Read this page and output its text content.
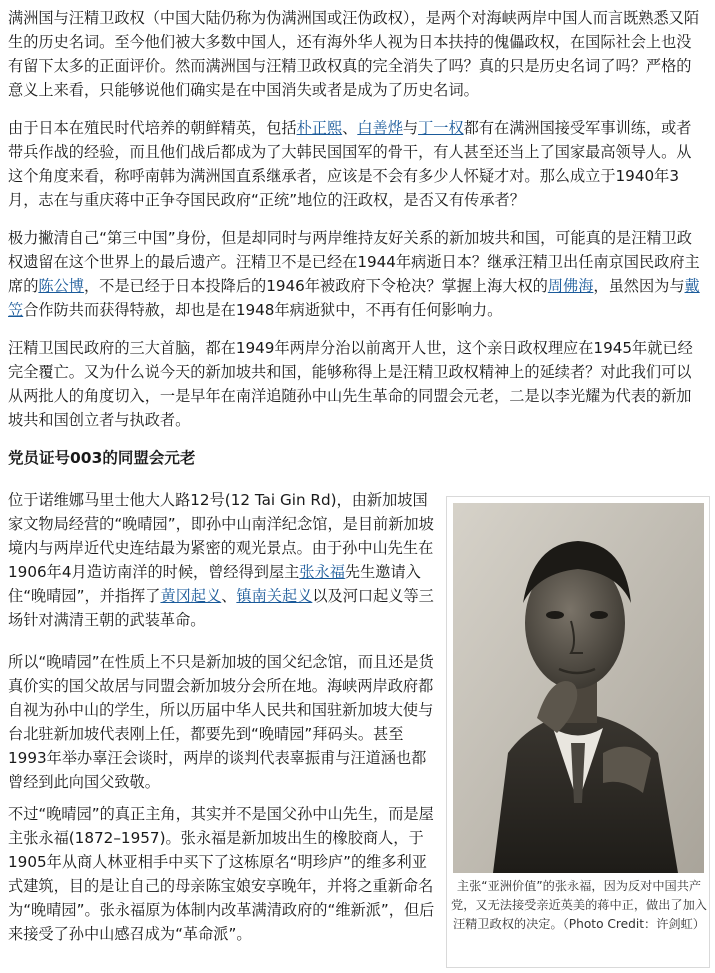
满洲国与汪精卫政权（中国大陆仍称为伪满洲国或汪伪政权），是两个对海峡两岸中国人而言既熟悉又陌生的历史名词。至今他们被大多数中国人，还有海外华人视为日本扶持的傀儡政权，在国际社会上也没有留下太多的正面评价。然而满洲国与汪精卫政权真的完全消失了吗？真的只是历史名词了吗？严格的意义上来看，只能够说他们确实是在中国消失或者是成为了历史名词。

由于日本在殖民时代培养的朝鲜精英，包括朴正熙、白善烨与丁一权都有在满洲国接受军事训练，或者带兵作战的经验，而且他们战后都成为了大韩民国国军的骨干，有人甚至还当上了国家最高领导人。从这个角度来看，称呼南韩为满洲国直系继承者，应该是不会有多少人怀疑才对。那么成立于1940年3月，志在与重庆蒋中正争夺国民政府“正统”地位的汪政权，是否又有传承者？

极力撇清自己“第三中国”身份，但是却同时与两岸维持友好关系的新加坡共和国，可能真的是汪精卫政权遗留在这个世界上的最后遗产。汪精卫不是已经在1944年病逝日本？继承汪精卫出任南京国民政府主席的陈公博，不是已经于日本投降后的1946年被政府下令枪决？掌握上海大权的周佛海，虽然因为与戴笠合作防共而获得特赦，却也是在1948年病逝狱中，不再有任何影响力。

汪精卫国民政府的三大首脑，都在1949年两岸分治以前离开人世，这个亲日政权理应在1945年就已经完全覆亡。又为什么说今天的新加坡共和国，能够称得上是汪精卫政权精神上的延续者？对此我们可以从两批人的角度切入，一是早年在南洋追随孙中山先生革命的同盟会元老，二是以李光耀为代表的新加坡共和国创立者与执政者。

党员证号003的同盟会元老

位于诺维娜马里士他大人路12号(12 Tai Gin Rd)，由新加坡国家文物局经营的“晚晴园”，即孙中山南洋纪念馆，是目前新加坡境内与两岸近代史连结最为紧密的观光景点。由于孙中山先生在1906年4月造访南洋的时候，曾经得到屋主张永福先生邀请入住“晚晴园”，并指挥了黄冈起义、镇南关起义以及河口起义等三场针对满清王朝的武装革命。

所以“晚晴园”在性质上不只是新加坡的国父纪念馆，而且还是货真价实的国父故居与同盟会新加坡分会所在地。海峡两岸政府都自视为孙中山的学生，所以历届中华人民共和国驻新加坡大使与台北驻新加坡代表刚上任，都要先到“晚晴园”拜码头。甚至1993年举办辜汪会谈时，两岸的谈判代表辜振甫与汪道涵也都曾经到此向国父致敬。

不过“晚晴园”的真正主角，其实并不是国父孙中山先生，而是屋主张永福(1872–1957)。张永福是新加坡出生的橡胶商人，于1905年从商人林亚相手中买下了这栋原名“明珍庐”的维多利亚式建筑，目的是让自己的母亲陈宝娘安享晚年，并将之重新命名为“晚晴园”。张永福原为体制内改革满清政府的“维新派”，但后来接受了孙中山感召成为“革命派”。

主张“亚洲价值”的张永福，因为反对中国共产党，又无法接受亲近英美的蒋中正，做出了加入汪精卫政权的决定。（Photo Credit：许剑虹）
